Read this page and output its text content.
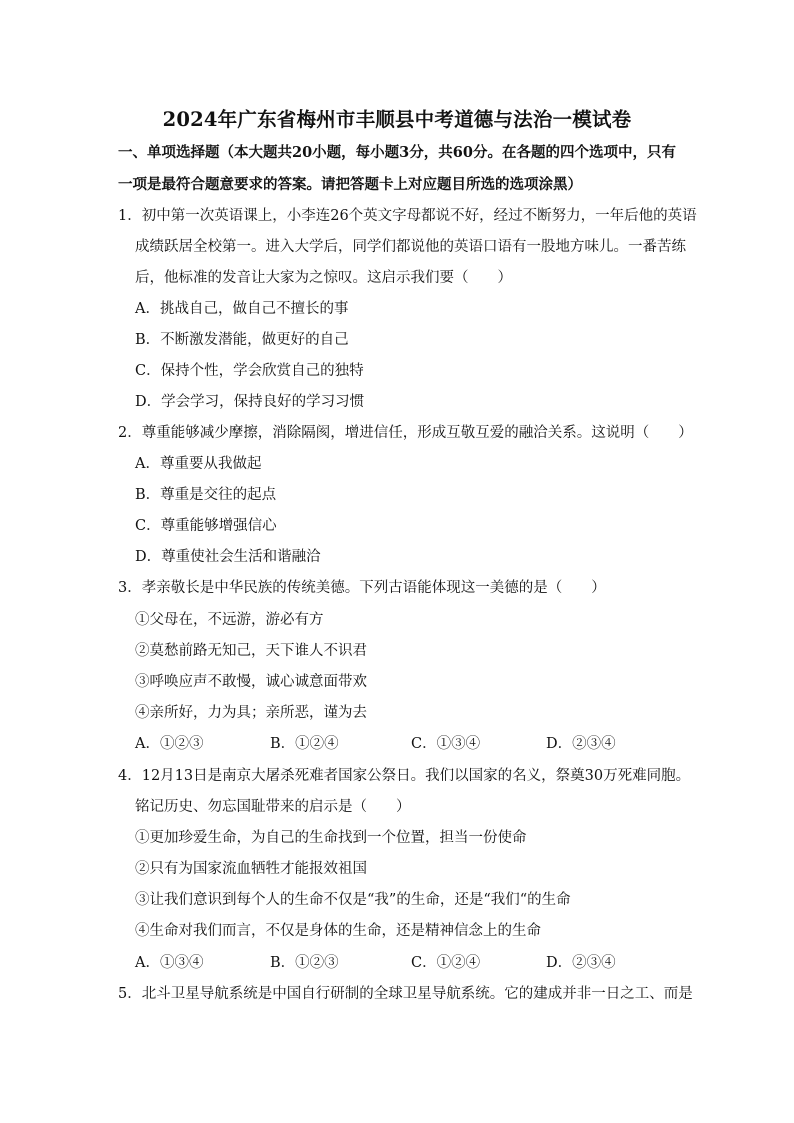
2024年广东省梅州市丰顺县中考道德与法治一模试卷
一、单项选择题（本大题共20小题，每小题3分，共60分。在各题的四个选项中，只有
一项是最符合题意要求的答案。请把答题卡上对应题目所选的选项涂黑）
1．初中第一次英语课上，小李连26个英文字母都说不好，经过不断努力，一年后他的英语
成绩跃居全校第一。进入大学后，同学们都说他的英语口语有一股地方味儿。一番苦练
后，他标准的发音让大家为之惊叹。这启示我们要（　　）
A．挑战自己，做自己不擅长的事
B．不断激发潜能，做更好的自己
C．保持个性，学会欣赏自己的独特
D．学会学习，保持良好的学习习惯
2．尊重能够减少摩擦，消除隔阂，增进信任，形成互敬互爱的融洽关系。这说明（　　）
A．尊重要从我做起
B．尊重是交往的起点
C．尊重能够增强信心
D．尊重使社会生活和谐融洽
3．孝亲敬长是中华民族的传统美德。下列古语能体现这一美德的是（　　）
①父母在，不远游，游必有方
②莫愁前路无知己，天下谁人不识君
③呼唤应声不敢慢，诚心诚意面带欢
④亲所好，力为具；亲所恶，谨为去
A．①②③	B．①②④	C．①③④	D．②③④
4．12月13日是南京大屠杀死难者国家公祭日。我们以国家的名义，祭奠30万死难同胞。
铭记历史、勿忘国耻带来的启示是（　　）
①更加珍爱生命，为自己的生命找到一个位置，担当一份使命
②只有为国家流血牺牲才能报效祖国
③让我们意识到每个人的生命不仅是“我”的生命，还是“我们“的生命
④生命对我们而言，不仅是身体的生命，还是精神信念上的生命
A．①③④	B．①②③	C．①②④	D．②③④
5．北斗卫星导航系统是中国自行研制的全球卫星导航系统。它的建成并非一日之工、而是
